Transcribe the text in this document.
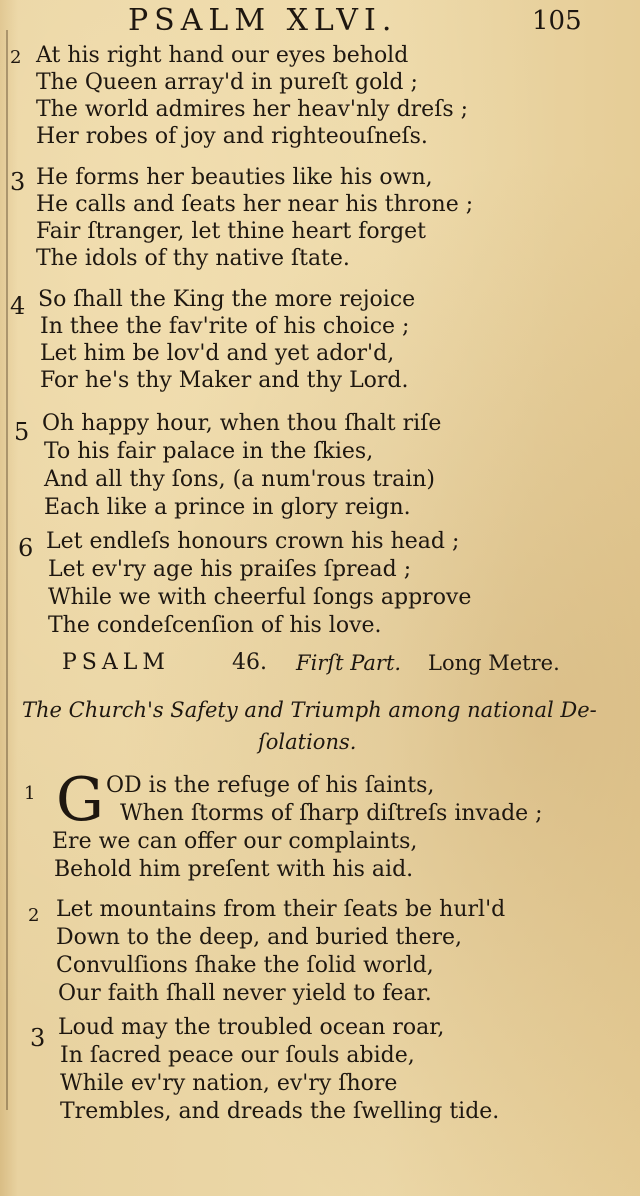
PSALM XLVI.	105
2 At his right hand our eyes behold
The Queen array'd in pureſt gold ;
The world admires her heav'nly dreſs ;
Her robes of joy and righteouſneſs.
3 He forms her beauties like his own,
He calls and ſeats her near his throne ;
Fair ſtranger, let thine heart forget
The idols of thy native ſtate.
4 So ſhall the King the more rejoice
In thee the fav'rite of his choice ;
Let him be lov'd and yet ador'd,
For he's thy Maker and thy Lord.
5 Oh happy hour, when thou ſhalt riſe
To his fair palace in the ſkies,
And all thy ſons, (a num'rous train)
Each like a prince in glory reign.
6 Let endleſs honours crown his head ;
Let ev'ry age his praiſes ſpread ;
While we with cheerful ſongs approve
The condeſcenſion of his love.
PSALM	46. Firſt Part. Long Metre.
The Church's Safety and Triumph among national De-
ſolations.
1 G OD is the refuge of his ſaints,
When ſtorms of ſharp diſtreſs invade ;
Ere we can offer our complaints,
Behold him preſent with his aid.
2 Let mountains from their ſeats be hurl'd
Down to the deep, and buried there,
Convulſions ſhake the ſolid world,
Our faith ſhall never yield to fear.
3 Loud may the troubled ocean roar,
In ſacred peace our ſouls abide,
While ev'ry nation, ev'ry ſhore
Trembles, and dreads the ſwelling tide.
